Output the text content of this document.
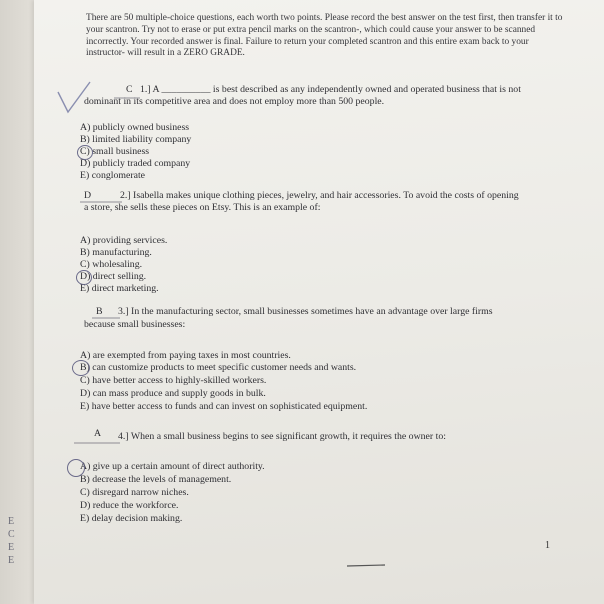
E
C
E
E
There are 50 multiple-choice questions, each worth two points. Please record the best answer on the test first, then transfer it to your scantron. Try not to erase or put extra pencil marks on the scantron-, which could cause your answer to be scanned incorrectly. Your recorded answer is final. Failure to return your completed scantron and this entire exam back to your instructor- will result in a ZERO GRADE.
C 1.] A __________ is best described as any independently owned and operated business that is not
dominant in its competitive area and does not employ more than 500 people.
A) publicly owned business
B) limited liability company
C) small business
D) publicly traded company
E) conglomerate
D	2.] Isabella makes unique clothing pieces, jewelry, and hair accessories. To avoid the costs of opening
a store, she sells these pieces on Etsy. This is an example of:
A) providing services.
B) manufacturing.
C) wholesaling.
D) direct selling.
E) direct marketing.
B 3.] In the manufacturing sector, small businesses sometimes have an advantage over large firms
because small businesses:
A) are exempted from paying taxes in most countries.
B) can customize products to meet specific customer needs and wants.
C) have better access to highly-skilled workers.
D) can mass produce and supply goods in bulk.
E) have better access to funds and can invest on sophisticated equipment.
A 4.] When a small business begins to see significant growth, it requires the owner to:
A) give up a certain amount of direct authority.
B) decrease the levels of management.
C) disregard narrow niches.
D) reduce the workforce.
E) delay decision making.
1
